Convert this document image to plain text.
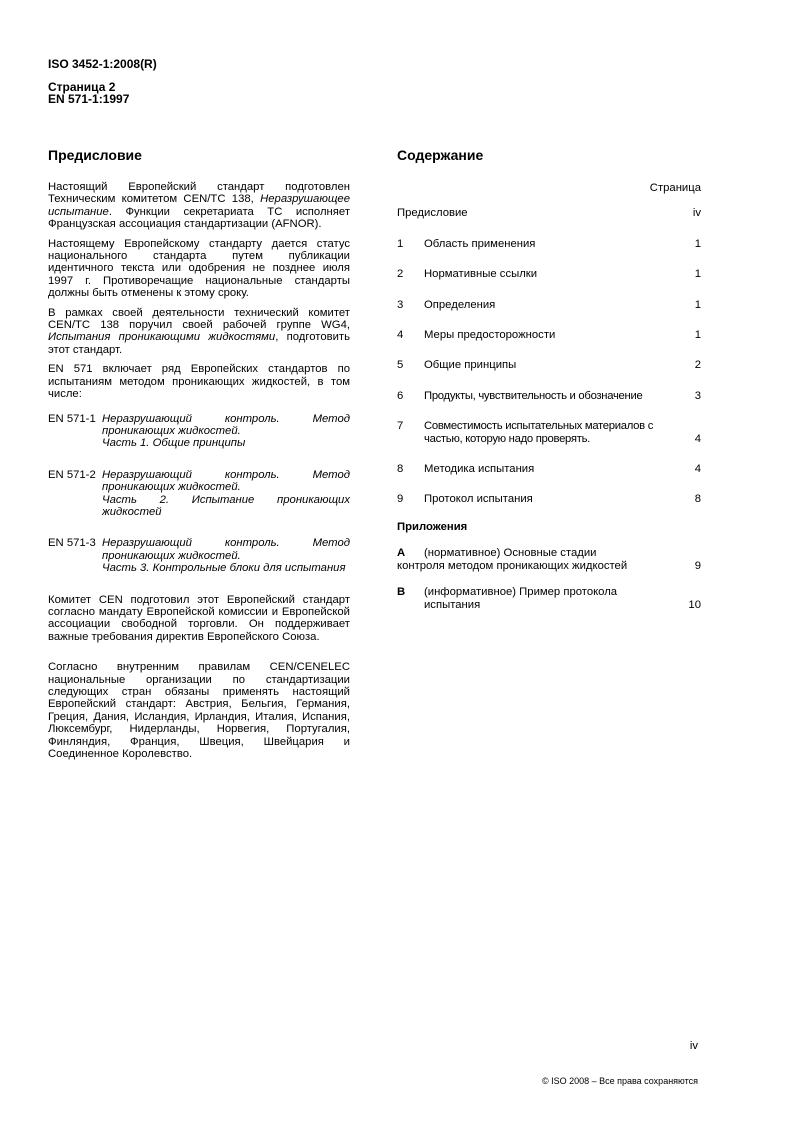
ISO 3452-1:2008(R)
Страница 2
EN 571-1:1997
Предисловие

Настоящий Европейский стандарт подготовлен Техническим комитетом CEN/TC 138, Неразрушающее испытание. Функции секретариата ТС исполняет Французская ассоциация стандартизации (AFNOR).

Настоящему Европейскому стандарту дается статус национального стандарта путем публикации идентичного текста или одобрения не позднее июля 1997 г. Противоречащие национальные стандарты должны быть отменены к этому сроку.

В рамках своей деятельности технический комитет CEN/TC 138 поручил своей рабочей группе WG4, Испытания проникающими жидкостями, подготовить этот стандарт.

EN 571 включает ряд Европейских стандартов по испытаниям методом проникающих жидкостей, в том числе:

EN 571-1 Неразрушающий контроль. Метод проникающих жидкостей.
Часть 1. Общие принципы
EN 571-2 Неразрушающий контроль. Метод проникающих жидкостей.
Часть 2. Испытание проникающих жидкостей
EN 571-3 Неразрушающий контроль. Метод проникающих жидкостей.
Часть 3. Контрольные блоки для испытания

Комитет CEN подготовил этот Европейский стандарт согласно мандату Европейской комиссии и Европейской ассоциации свободной торговли. Он поддерживает важные требования директив Европейского Союза.

Согласно внутренним правилам CEN/CENELEC национальные организации по стандартизации следующих стран обязаны применять настоящий Европейский стандарт: Австрия, Бельгия, Германия, Греция, Дания, Исландия, Ирландия, Италия, Испания, Люксембург, Нидерланды, Норвегия, Португалия, Финляндия, Франция, Швеция, Швейцария и Соединенное Королевство.

Содержание
Страница
Предисловие	iv
1	Область применения	1
2	Нормативные ссылки	1
3	Определения	1
4	Меры предосторожности	1
5	Общие принципы	2
6	Продукты, чувствительность и обозначение	3
7	Совместимость испытательных материалов с частью, которую надо проверять.	4
8	Методика испытания	4
9	Протокол испытания	8
Приложения
A	(нормативное) Основные стадии
контроля методом проникающих жидкостей	9
B	(информативное) Пример протокола
испытания	10
iv
© ISO 2008 – Все права сохраняются
